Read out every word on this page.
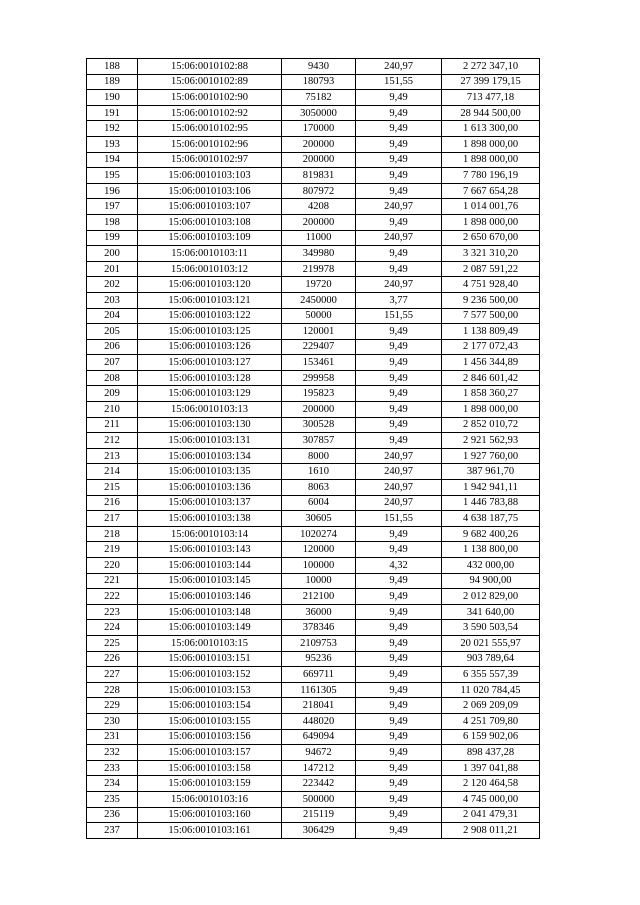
188	15:06:0010102:88	9430	240,97	2 272 347,10
189	15:06:0010102:89	180793	151,55	27 399 179,15
190	15:06:0010102:90	75182	9,49	713 477,18
191	15:06:0010102:92	3050000	9,49	28 944 500,00
192	15:06:0010102:95	170000	9,49	1 613 300,00
193	15:06:0010102:96	200000	9,49	1 898 000,00
194	15:06:0010102:97	200000	9,49	1 898 000,00
195	15:06:0010103:103	819831	9,49	7 780 196,19
196	15:06:0010103:106	807972	9,49	7 667 654,28
197	15:06:0010103:107	4208	240,97	1 014 001,76
198	15:06:0010103:108	200000	9,49	1 898 000,00
199	15:06:0010103:109	11000	240,97	2 650 670,00
200	15:06:0010103:11	349980	9,49	3 321 310,20
201	15:06:0010103:12	219978	9,49	2 087 591,22
202	15:06:0010103:120	19720	240,97	4 751 928,40
203	15:06:0010103:121	2450000	3,77	9 236 500,00
204	15:06:0010103:122	50000	151,55	7 577 500,00
205	15:06:0010103:125	120001	9,49	1 138 809,49
206	15:06:0010103:126	229407	9,49	2 177 072,43
207	15:06:0010103:127	153461	9,49	1 456 344,89
208	15:06:0010103:128	299958	9,49	2 846 601,42
209	15:06:0010103:129	195823	9,49	1 858 360,27
210	15:06:0010103:13	200000	9,49	1 898 000,00
211	15:06:0010103:130	300528	9,49	2 852 010,72
212	15:06:0010103:131	307857	9,49	2 921 562,93
213	15:06:0010103:134	8000	240,97	1 927 760,00
214	15:06:0010103:135	1610	240,97	387 961,70
215	15:06:0010103:136	8063	240,97	1 942 941,11
216	15:06:0010103:137	6004	240,97	1 446 783,88
217	15:06:0010103:138	30605	151,55	4 638 187,75
218	15:06:0010103:14	1020274	9,49	9 682 400,26
219	15:06:0010103:143	120000	9,49	1 138 800,00
220	15:06:0010103:144	100000	4,32	432 000,00
221	15:06:0010103:145	10000	9,49	94 900,00
222	15:06:0010103:146	212100	9,49	2 012 829,00
223	15:06:0010103:148	36000	9,49	341 640,00
224	15:06:0010103:149	378346	9,49	3 590 503,54
225	15:06:0010103:15	2109753	9,49	20 021 555,97
226	15:06:0010103:151	95236	9,49	903 789,64
227	15:06:0010103:152	669711	9,49	6 355 557,39
228	15:06:0010103:153	1161305	9,49	11 020 784,45
229	15:06:0010103:154	218041	9,49	2 069 209,09
230	15:06:0010103:155	448020	9,49	4 251 709,80
231	15:06:0010103:156	649094	9,49	6 159 902,06
232	15:06:0010103:157	94672	9,49	898 437,28
233	15:06:0010103:158	147212	9,49	1 397 041,88
234	15:06:0010103:159	223442	9,49	2 120 464,58
235	15:06:0010103:16	500000	9,49	4 745 000,00
236	15:06:0010103:160	215119	9,49	2 041 479,31
237	15:06:0010103:161	306429	9,49	2 908 011,21
